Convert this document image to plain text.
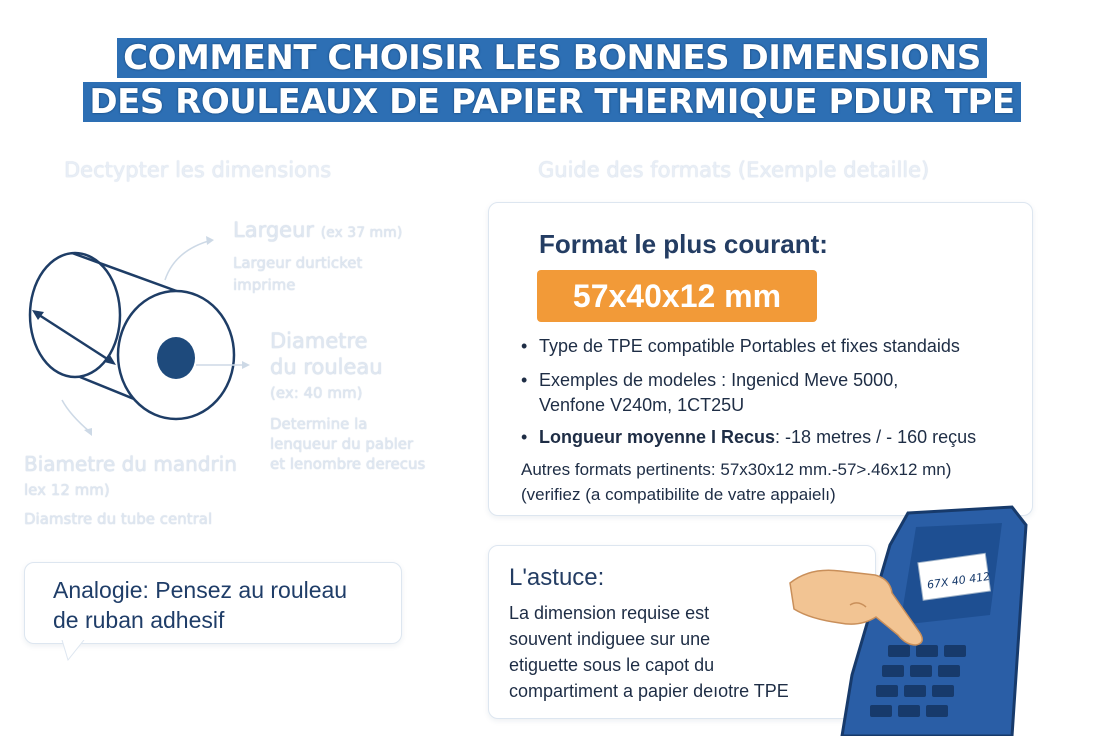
COMMENT CHOISIR LES BONNES DIMENSIONS
DES ROULEAUX DE PAPIER THERMIQUE PDUR TPE
Dectypter les dimensions	Guide des formats (Exemple detaille)
Largeur (ex 37 mm)
Largeur durticket
imprime
Diametre
du rouleau
(ex: 40 mm)
Determine la
lenqueur du pabler
et lenombre derecus
Biametre du mandrin
lex 12 mm)
Diamstre du tube central
Analogie: Pensez au rouleau
de ruban adhesif
Format le plus courant:
57x40x12 mm
• Type de TPE compatible Portables et fixes standaids
• Exemples de modeles : Ingenicd Meve 5000,
Venfone V240m, 1CT25U
• Longueur moyenne I Recus: -18 metres / - 160 reçus
Autres formats pertinents: 57x30x12 mm.-57>.46x12 mn)
(verifiez (a compatibilite de vatre appaielı)
L'astuce:
La dimension requise est
souvent indiguee sur une
etiguette sous le capot du
compartiment a papier deıotre TPE
67X 40 412
